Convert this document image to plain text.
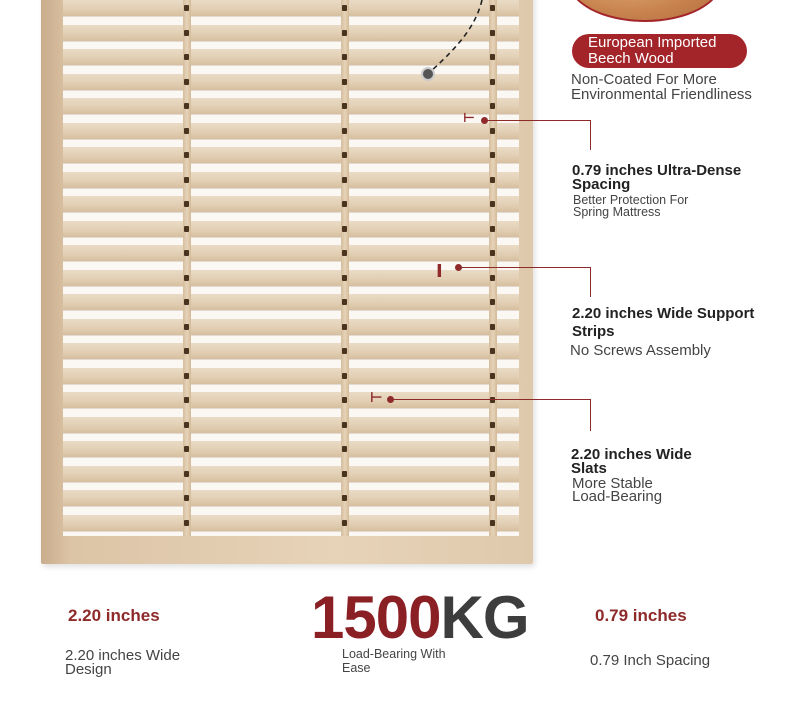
European Imported
Beech Wood
Non-Coated For More
Environmental Friendliness
⊢
0.79 inches Ultra-Dense
Spacing
Better Protection For
Spring Mattress
I
2.20 inches Wide Support
Strips
No Screws Assembly
⊢
2.20 inches Wide
Slats
More Stable
Load-Bearing
2.20 inches
2.20 inches Wide
Design
1500KG
Load-Bearing With
Ease
0.79 inches
0.79 Inch Spacing
